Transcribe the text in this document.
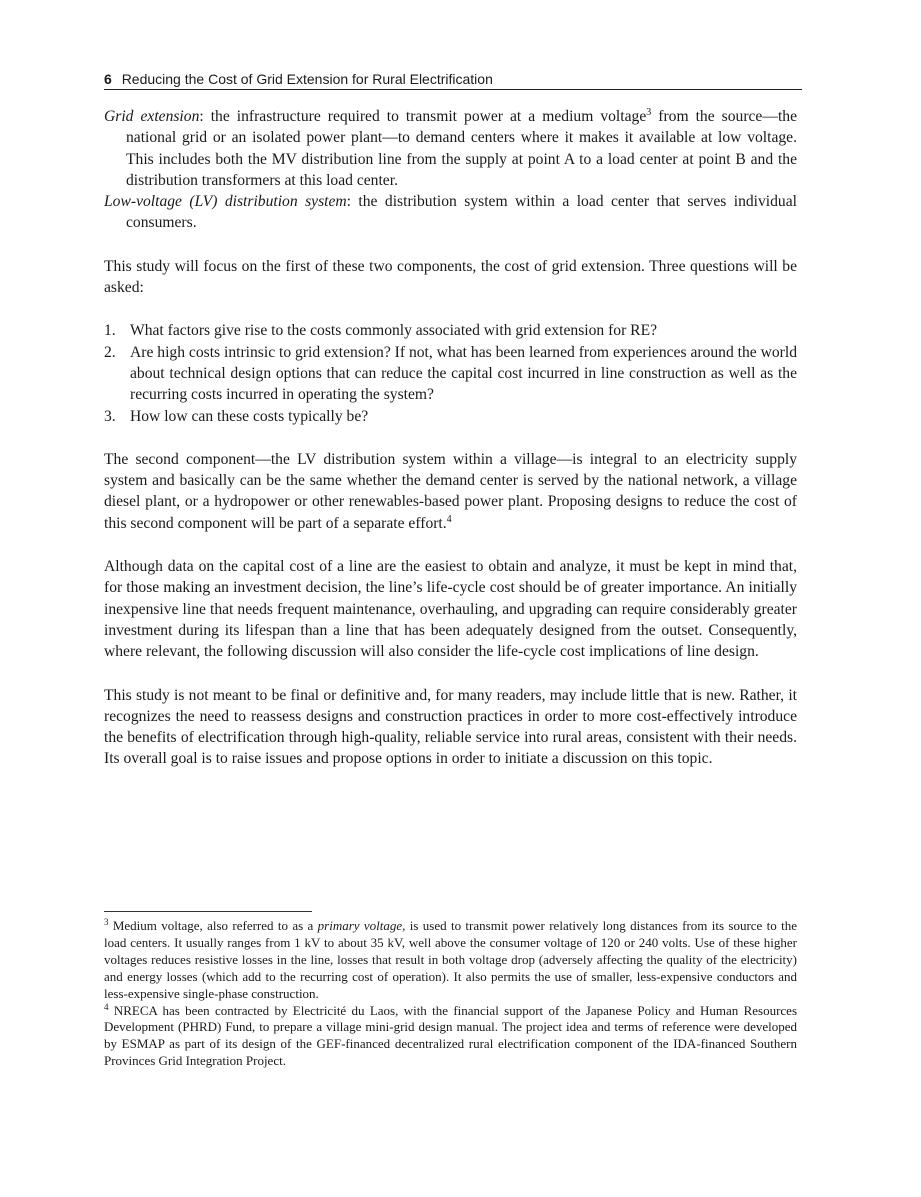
6 Reducing the Cost of Grid Extension for Rural Electrification

Grid extension: the infrastructure required to transmit power at a medium voltage$^3$ from the source—the national grid or an isolated power plant—to demand centers where it makes it available at low voltage. This includes both the MV distribution line from the supply at point A to a load center at point B and the distribution transformers at this load center.

Low-voltage (LV) distribution system: the distribution system within a load center that serves individual consumers.

This study will focus on the first of these two components, the cost of grid extension. Three questions will be asked:

1. What factors give rise to the costs commonly associated with grid extension for RE?
2. Are high costs intrinsic to grid extension? If not, what has been learned from experiences around the world about technical design options that can reduce the capital cost incurred in line construction as well as the recurring costs incurred in operating the system?
3. How low can these costs typically be?

The second component—the LV distribution system within a village—is integral to an electricity supply system and basically can be the same whether the demand center is served by the national network, a village diesel plant, or a hydropower or other renewables-based power plant. Proposing designs to reduce the cost of this second component will be part of a separate effort.$^4$

Although data on the capital cost of a line are the easiest to obtain and analyze, it must be kept in mind that, for those making an investment decision, the line’s life-cycle cost should be of greater importance. An initially inexpensive line that needs frequent maintenance, overhauling, and upgrading can require considerably greater investment during its lifespan than a line that has been adequately designed from the outset. Consequently, where relevant, the following discussion will also consider the life-cycle cost implications of line design.

This study is not meant to be final or definitive and, for many readers, may include little that is new. Rather, it recognizes the need to reassess designs and construction practices in order to more cost-effectively introduce the benefits of electrification through high-quality, reliable service into rural areas, consistent with their needs. Its overall goal is to raise issues and propose options in order to initiate a discussion on this topic.

$^3$ Medium voltage, also referred to as a primary voltage, is used to transmit power relatively long distances from its source to the load centers. It usually ranges from 1 kV to about 35 kV, well above the consumer voltage of 120 or 240 volts. Use of these higher voltages reduces resistive losses in the line, losses that result in both voltage drop (adversely affecting the quality of the electricity) and energy losses (which add to the recurring cost of operation). It also permits the use of smaller, less-expensive conductors and less-expensive single-phase construction.

$^4$ NRECA has been contracted by Electricité du Laos, with the financial support of the Japanese Policy and Human Resources Development (PHRD) Fund, to prepare a village mini-grid design manual. The project idea and terms of reference were developed by ESMAP as part of its design of the GEF-financed decentralized rural electrification component of the IDA-financed Southern Provinces Grid Integration Project.
